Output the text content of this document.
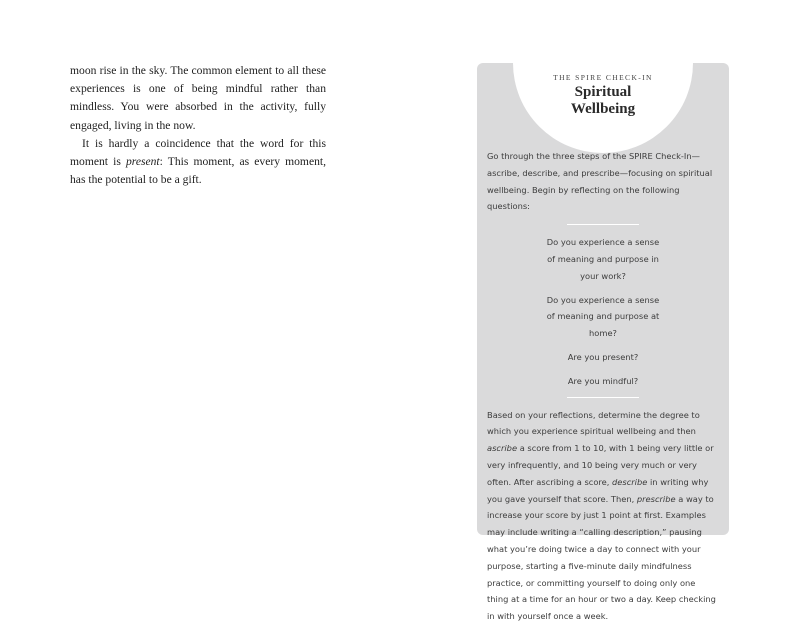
moon rise in the sky. The common element to all these experiences is one of being mindful rather than mindless. You were absorbed in the activity, fully engaged, living in the now.

It is hardly a coincidence that the word for this moment is present: This moment, as every moment, has the potential to be a gift.

THE SPIRE CHECK-IN
Spiritual
Wellbeing

Go through the three steps of the SPIRE Check-In—ascribe, describe, and prescribe—focusing on spiritual wellbeing. Begin by reflecting on the following questions:

Do you experience a sense of meaning and purpose in your work?

Do you experience a sense of meaning and purpose at home?

Are you present?

Are you mindful?

Based on your reflections, determine the degree to which you experience spiritual wellbeing and then ascribe a score from 1 to 10, with 1 being very little or very infrequently, and 10 being very much or very often. After ascribing a score, describe in writing why you gave yourself that score. Then, prescribe a way to increase your score by just 1 point at first. Examples may include writing a “calling description,” pausing what you’re doing twice a day to connect with your purpose, starting a five-minute daily mindfulness practice, or committing yourself to doing only one thing at a time for an hour or two a day. Keep checking in with yourself once a week.
